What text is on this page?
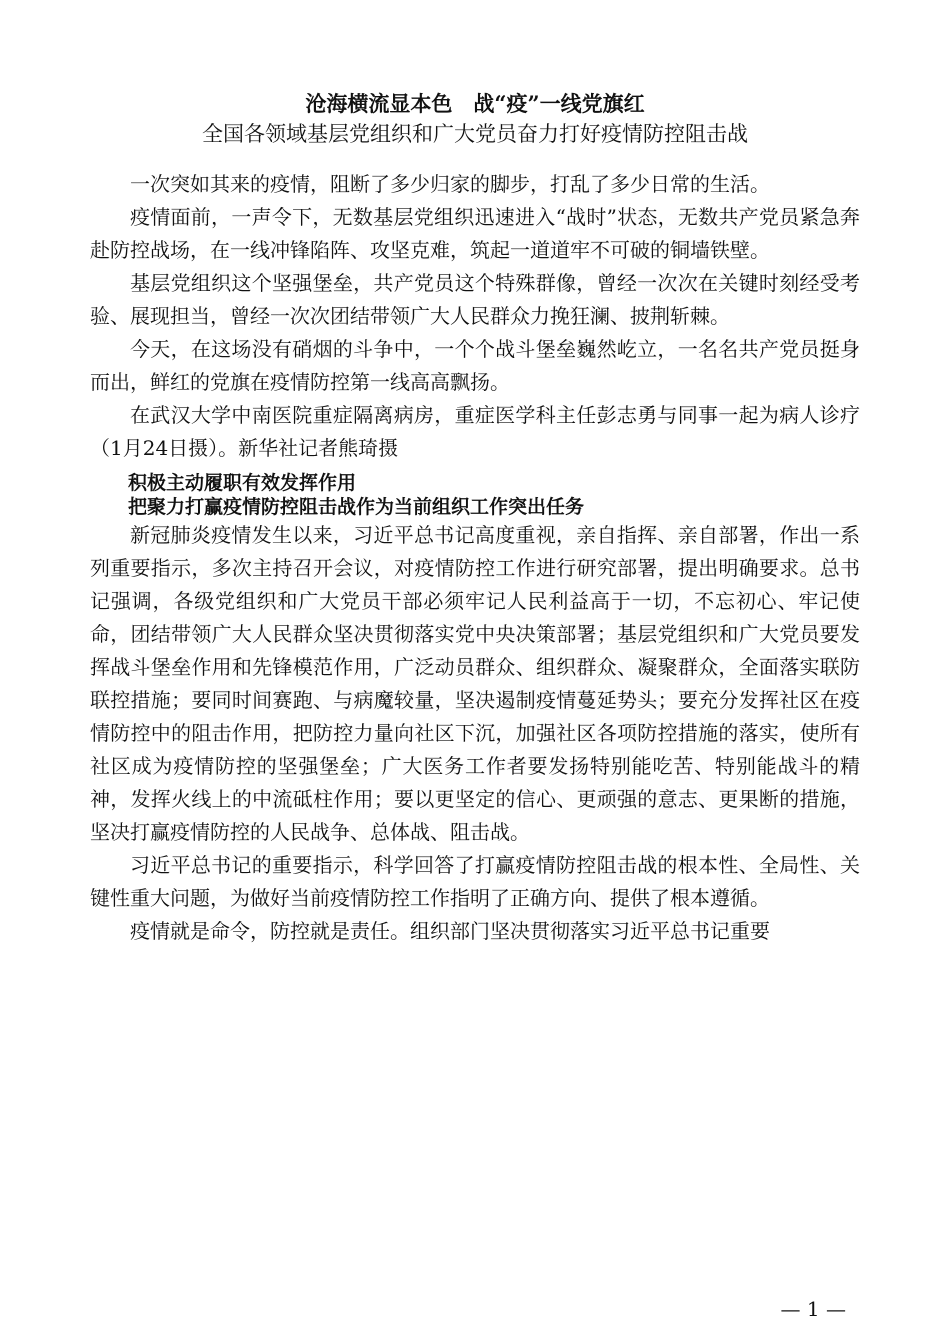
沧海横流显本色　战“疫”一线党旗红
全国各领域基层党组织和广大党员奋力打好疫情防控阻击战

一次突如其来的疫情，阻断了多少归家的脚步，打乱了多少日常的生活。

疫情面前，一声令下，无数基层党组织迅速进入“战时”状态，无数共产党员紧急奔赴防控战场，在一线冲锋陷阵、攻坚克难，筑起一道道牢不可破的铜墙铁壁。

基层党组织这个坚强堡垒，共产党员这个特殊群像，曾经一次次在关键时刻经受考验、展现担当，曾经一次次团结带领广大人民群众力挽狂澜、披荆斩棘。

今天，在这场没有硝烟的斗争中，一个个战斗堡垒巍然屹立，一名名共产党员挺身而出，鲜红的党旗在疫情防控第一线高高飘扬。

在武汉大学中南医院重症隔离病房，重症医学科主任彭志勇与同事一起为病人诊疗（1月24日摄）。新华社记者熊琦摄

积极主动履职有效发挥作用

把聚力打赢疫情防控阻击战作为当前组织工作突出任务

新冠肺炎疫情发生以来，习近平总书记高度重视，亲自指挥、亲自部署，作出一系列重要指示，多次主持召开会议，对疫情防控工作进行研究部署，提出明确要求。总书记强调，各级党组织和广大党员干部必须牢记人民利益高于一切，不忘初心、牢记使命，团结带领广大人民群众坚决贯彻落实党中央决策部署；基层党组织和广大党员要发挥战斗堡垒作用和先锋模范作用，广泛动员群众、组织群众、凝聚群众，全面落实联防联控措施；要同时间赛跑、与病魔较量，坚决遏制疫情蔓延势头；要充分发挥社区在疫情防控中的阻击作用，把防控力量向社区下沉，加强社区各项防控措施的落实，使所有社区成为疫情防控的坚强堡垒；广大医务工作者要发扬特别能吃苦、特别能战斗的精神，发挥火线上的中流砥柱作用；要以更坚定的信心、更顽强的意志、更果断的措施，坚决打赢疫情防控的人民战争、总体战、阻击战。

习近平总书记的重要指示，科学回答了打赢疫情防控阻击战的根本性、全局性、关键性重大问题，为做好当前疫情防控工作指明了正确方向、提供了根本遵循。

疫情就是命令，防控就是责任。组织部门坚决贯彻落实习近平总书记重要

— 1 —
